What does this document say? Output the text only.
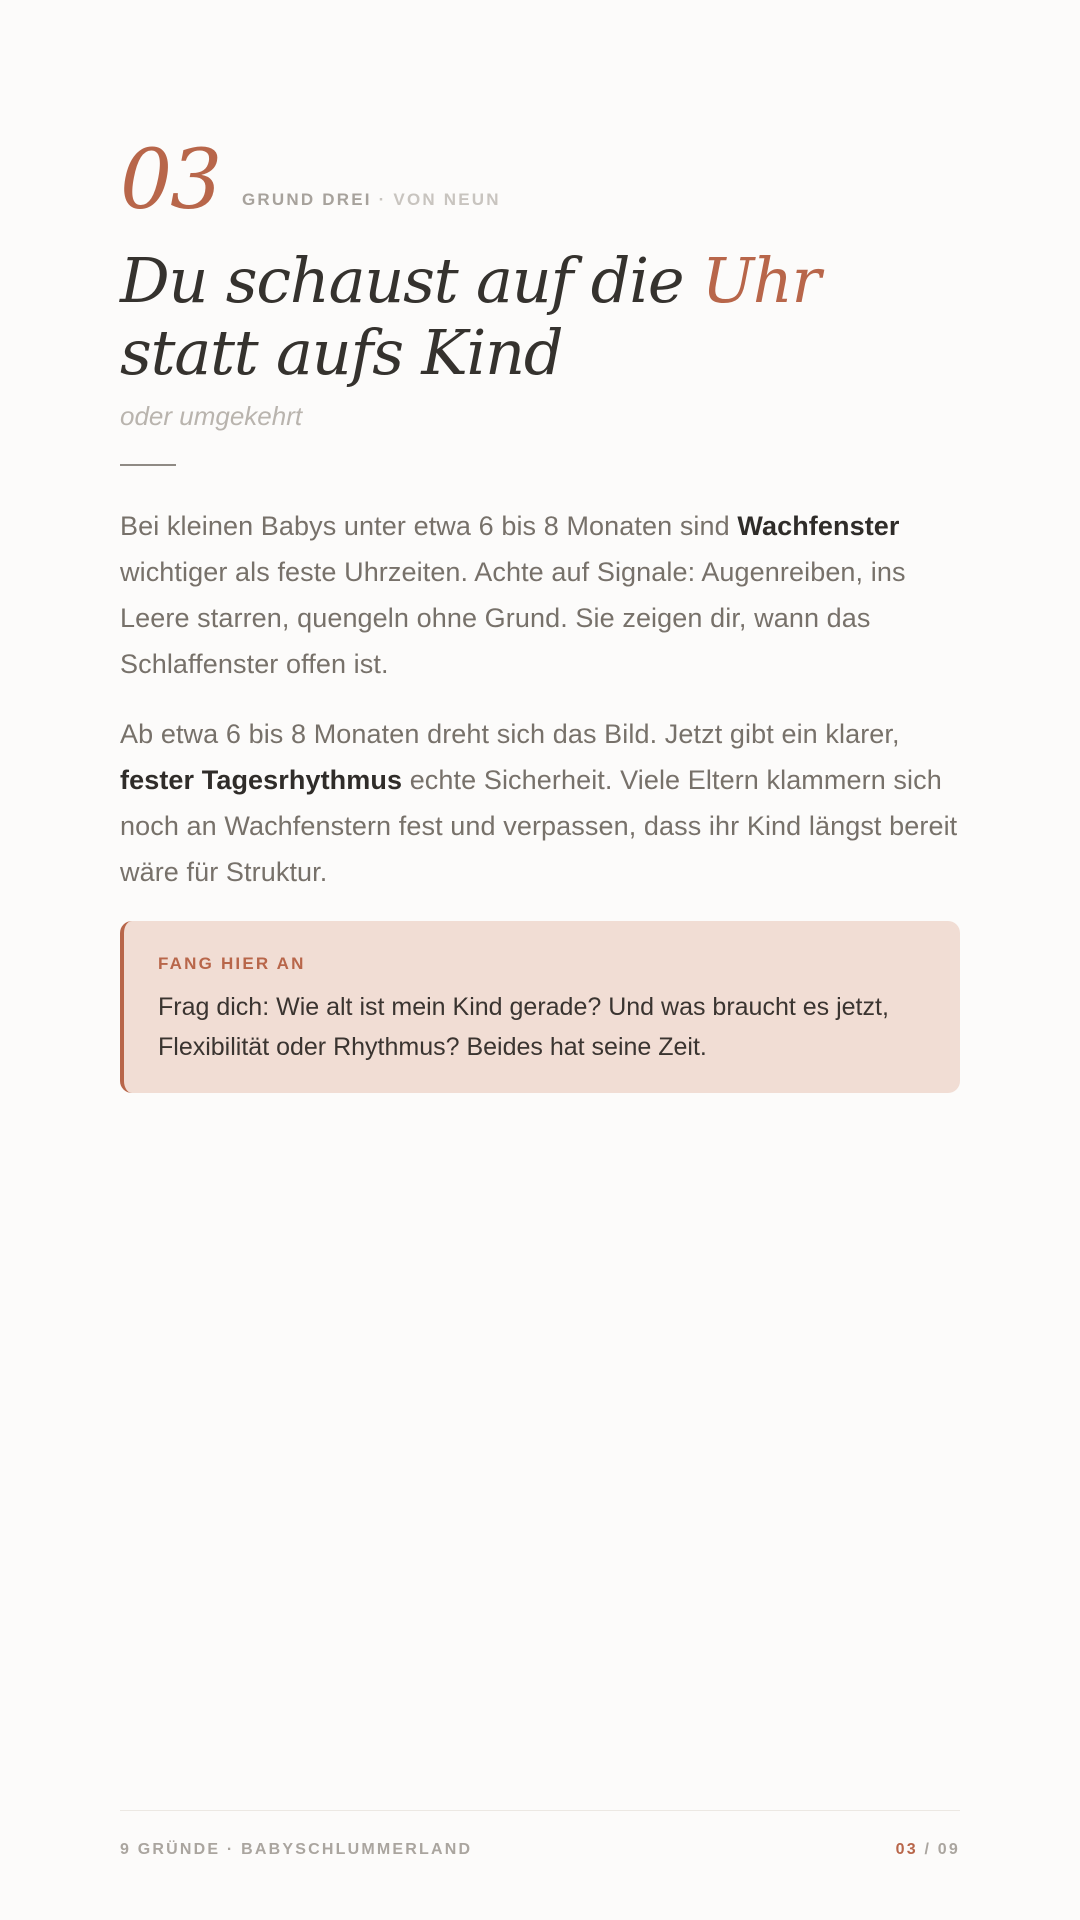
03 GRUND DREI · VON NEUN
Du schaust auf die Uhr statt aufs Kind
oder umgekehrt

Bei kleinen Babys unter etwa 6 bis 8 Monaten sind Wachfenster wichtiger als feste Uhrzeiten. Achte auf Signale: Augenreiben, ins Leere starren, quengeln ohne Grund. Sie zeigen dir, wann das Schlaffenster offen ist.

Ab etwa 6 bis 8 Monaten dreht sich das Bild. Jetzt gibt ein klarer, fester Tagesrhythmus echte Sicherheit. Viele Eltern klammern sich noch an Wachfenstern fest und verpassen, dass ihr Kind längst bereit wäre für Struktur.

FANG HIER AN
Frag dich: Wie alt ist mein Kind gerade? Und was braucht es jetzt, Flexibilität oder Rhythmus? Beides hat seine Zeit.
9 GRÜNDE · BABYSCHLUMMERLAND	03 / 09
